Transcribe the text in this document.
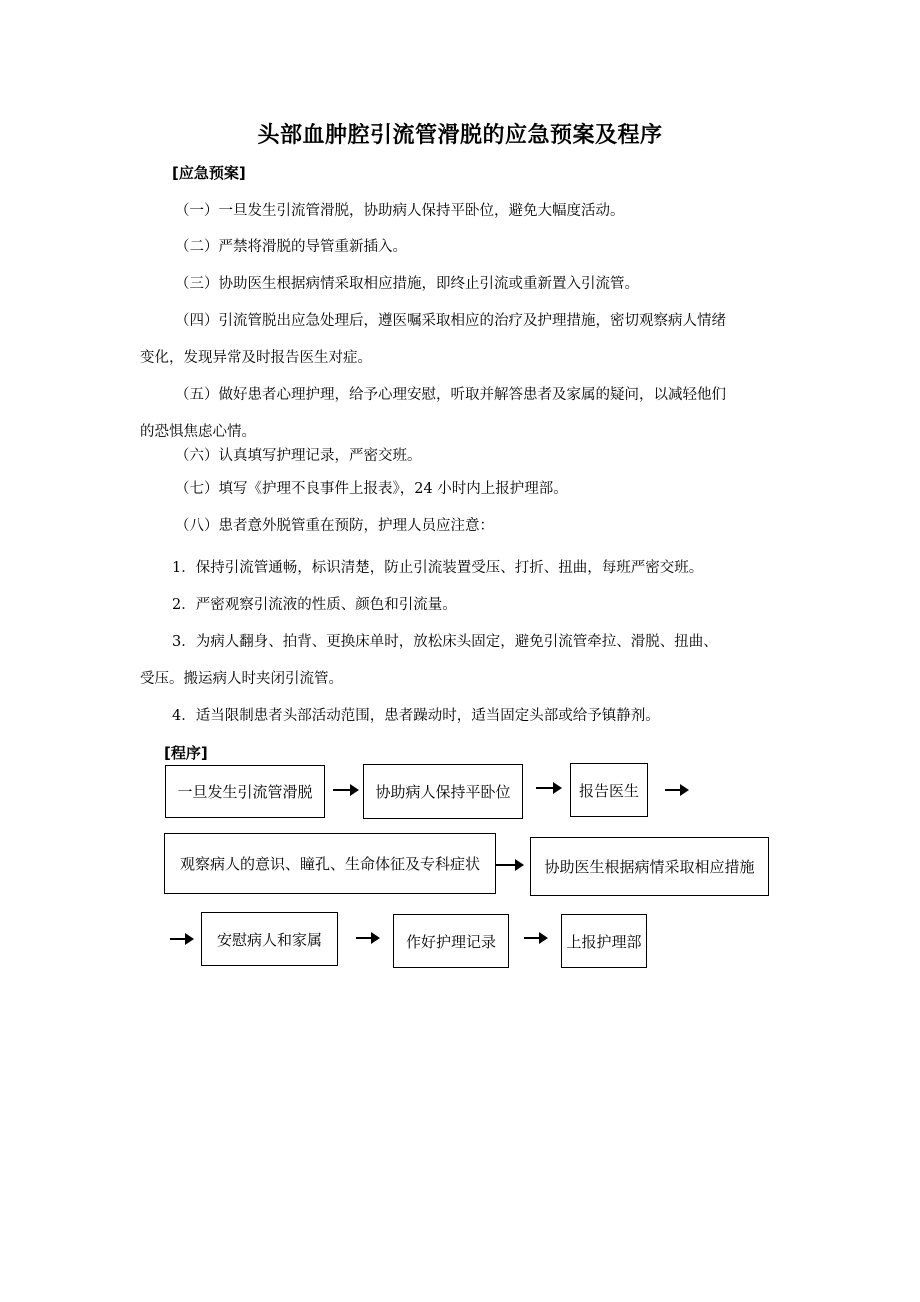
头部血肿腔引流管滑脱的应急预案及程序
[应急预案]
（一）一旦发生引流管滑脱，协助病人保持平卧位，避免大幅度活动。
（二）严禁将滑脱的导管重新插入。
（三）协助医生根据病情采取相应措施，即终止引流或重新置入引流管。
（四）引流管脱出应急处理后，遵医嘱采取相应的治疗及护理措施，密切观察病人情绪
变化，发现异常及时报告医生对症。
（五）做好患者心理护理，给予心理安慰，听取并解答患者及家属的疑问，以减轻他们
的恐惧焦虑心情。
（六）认真填写护理记录，严密交班。
（七）填写《护理不良事件上报表》，24 小时内上报护理部。
（八）患者意外脱管重在预防，护理人员应注意：
1．保持引流管通畅，标识清楚，防止引流装置受压、打折、扭曲，每班严密交班。
2．严密观察引流液的性质、颜色和引流量。
3．为病人翻身、拍背、更换床单时，放松床头固定，避免引流管牵拉、滑脱、扭曲、
受压。搬运病人时夹闭引流管。
4．适当限制患者头部活动范围，患者躁动时，适当固定头部或给予镇静剂。
[程序]
一旦发生引流管滑脱	协助病人保持平卧位	报告医生
观察病人的意识、瞳孔、生命体征及专科症状	协助医生根据病情采取相应措施
安慰病人和家属	作好护理记录	上报护理部
